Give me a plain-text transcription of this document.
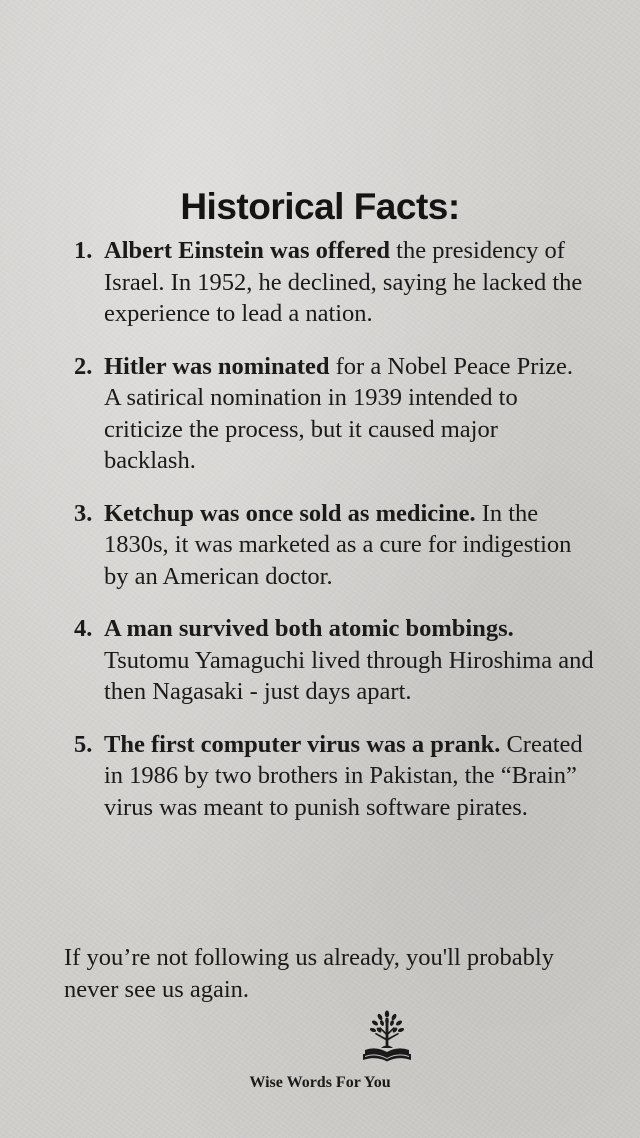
Historical Facts:
1. Albert Einstein was offered the presidency of Israel. In 1952, he declined, saying he lacked the experience to lead a nation.
2. Hitler was nominated for a Nobel Peace Prize. A satirical nomination in 1939 intended to criticize the process, but it caused major backlash.
3. Ketchup was once sold as medicine. In the 1830s, it was marketed as a cure for indigestion by an American doctor.
4. A man survived both atomic bombings. Tsutomu Yamaguchi lived through Hiroshima and then Nagasaki - just days apart.
5. The first computer virus was a prank. Created in 1986 by two brothers in Pakistan, the “Brain” virus was meant to punish software pirates.

If you’re not following us already, you'll probably never see us again.

Wise Words For You
